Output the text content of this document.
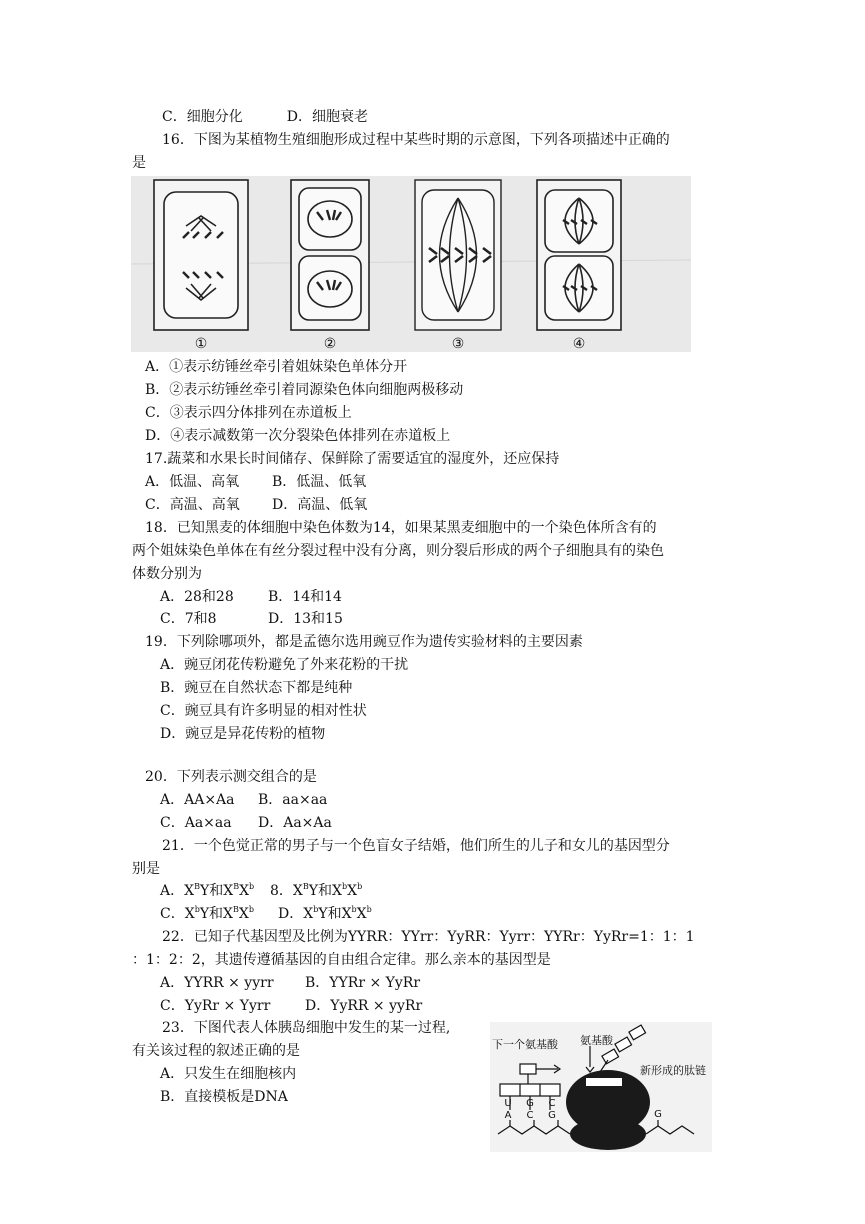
C．细胞分化	D．细胞衰老
16．下图为某植物生殖细胞形成过程中某些时期的示意图，下列各项描述中正确的
是
①	②	③	④
A．①表示纺锤丝牵引着姐妹染色单体分开
B．②表示纺锤丝牵引着同源染色体向细胞两极移动
C．③表示四分体排列在赤道板上
D．④表示减数第一次分裂染色体排列在赤道板上
17.蔬菜和水果长时间储存、保鲜除了需要适宜的湿度外，还应保持
A．低温、高氧 B．低温、低氧
C．高温、高氧 D．高温、低氧
18．已知黑麦的体细胞中染色体数为14，如果某黑麦细胞中的一个染色体所含有的
两个姐妹染色单体在有丝分裂过程中没有分离，则分裂后形成的两个子细胞具有的染色
体数分别为
A．28和28 B．14和14
C．7和8	D．13和15
19．下列除哪项外，都是孟德尔选用豌豆作为遗传实验材料的主要因素
A．豌豆闭花传粉避免了外来花粉的干扰
B．豌豆在自然状态下都是纯种
C．豌豆具有许多明显的相对性状
D．豌豆是异花传粉的植物
20．下列表示测交组合的是
A．AA×Aa B．aa×aa
C．Aa×aa D．Aa×Aa
21．一个色觉正常的男子与一个色盲女子结婚，他们所生的儿子和女儿的基因型分
别是
A．$X^BY$和$X^BX^b$ 8．$X^BY$和$X^bX^b$
C．$X^bY$和$X^BX^b$ D．$X^bY$和$X^bX^b$
22．已知子代基因型及比例为YYRR：YYrr：YyRR：Yyrr：YYRr：YyRr=1：1：1
：1：2：2，其遗传遵循基因的自由组合定律。那么亲本的基因型是
A．YYRR × yyrr B．YYRr × YyRr
C．YyRr × Yyrr D．YyRR × yyRr
23．下图代表人体胰岛细胞中发生的某一过程,
有关该过程的叙述正确的是
A．只发生在细胞核内
B．直接模板是DNA
氨基酸
下一个氨基酸
新形成的肽链
U
A
G
C
C
G	G
